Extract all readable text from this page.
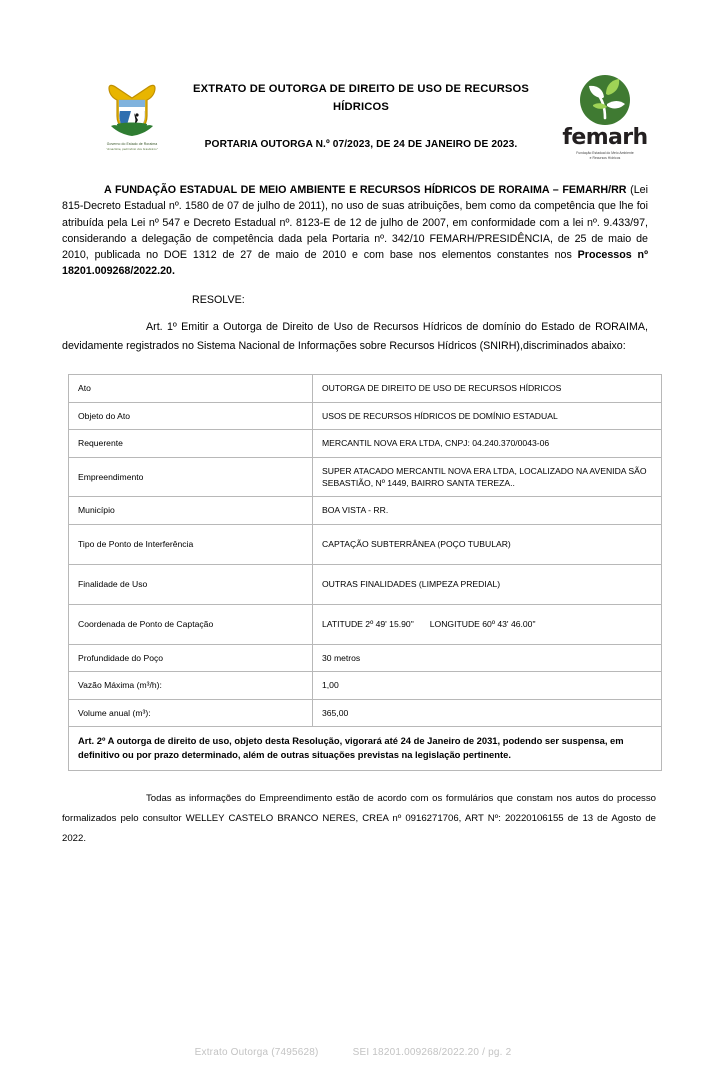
Governo do Estado de Roraima
"Amazônia, patrimônio dos brasileiros"
EXTRATO DE OUTORGA DE DIREITO DE USO DE RECURSOS
HÍDRICOS
PORTARIA OUTORGA N.º 07/2023, DE 24 DE JANEIRO DE 2023.	femarh
Fundação Estadual do Meio Ambiente
e Recursos Hídricos

A FUNDAÇÃO ESTADUAL DE MEIO AMBIENTE E RECURSOS HÍDRICOS DE RORAIMA – FEMARH/RR (Lei 815-Decreto Estadual nº. 1580 de 07 de julho de 2011), no uso de suas atribuições, bem como da competência que lhe foi atribuída pela Lei nº 547 e Decreto Estadual nº. 8123-E de 12 de julho de 2007, em conformidade com a lei nº. 9.433/97, considerando a delegação de competência dada pela Portaria nº. 342/10 FEMARH/PRESIDÊNCIA, de 25 de maio de 2010, publicada no DOE 1312 de 27 de maio de 2010 e com base nos elementos constantes nos Processos nº 18201.009268/2022.20.

RESOLVE:

Art. 1º Emitir a Outorga de Direito de Uso de Recursos Hídricos de domínio do Estado de RORAIMA, devidamente registrados no Sistema Nacional de Informações sobre Recursos Hídricos (SNIRH),discriminados abaixo:

Ato	OUTORGA DE DIREITO DE USO DE RECURSOS HÍDRICOS
Objeto do Ato	USOS DE RECURSOS HÍDRICOS DE DOMÍNIO ESTADUAL
Requerente	MERCANTIL NOVA ERA LTDA, CNPJ: 04.240.370/0043-06
Empreendimento	SUPER ATACADO MERCANTIL NOVA ERA LTDA, LOCALIZADO NA AVENIDA SÃO SEBASTIÃO, Nº 1449, BAIRRO SANTA TEREZA..
Município	BOA VISTA - RR.
Tipo de Ponto de Interferência	CAPTAÇÃO SUBTERRÂNEA (POÇO TUBULAR)
Finalidade de Uso	OUTRAS FINALIDADES (LIMPEZA PREDIAL)
Coordenada de Ponto de Captação	LATITUDE 2º 49' 15.90" LONGITUDE 60º 43' 46.00"
Profundidade do Poço	30 metros
Vazão Máxima (m³/h):	1,00
Volume anual (m³):	365,00
Art. 2º A outorga de direito de uso, objeto desta Resolução, vigorará até 24 de Janeiro de 2031, podendo ser suspensa, em definitivo ou por prazo determinado, além de outras situações previstas na legislação pertinente.	
Todas as informações do Empreendimento estão de acordo com os formulários que constam nos autos do processo formalizados pelo consultor WELLEY CASTELO BRANCO NERES, CREA nº 0916271706, ART Nº: 20220106155 de 13 de Agosto de 2022.
Extrato Outorga (7495628)	SEI 18201.009268/2022.20 / pg. 2
